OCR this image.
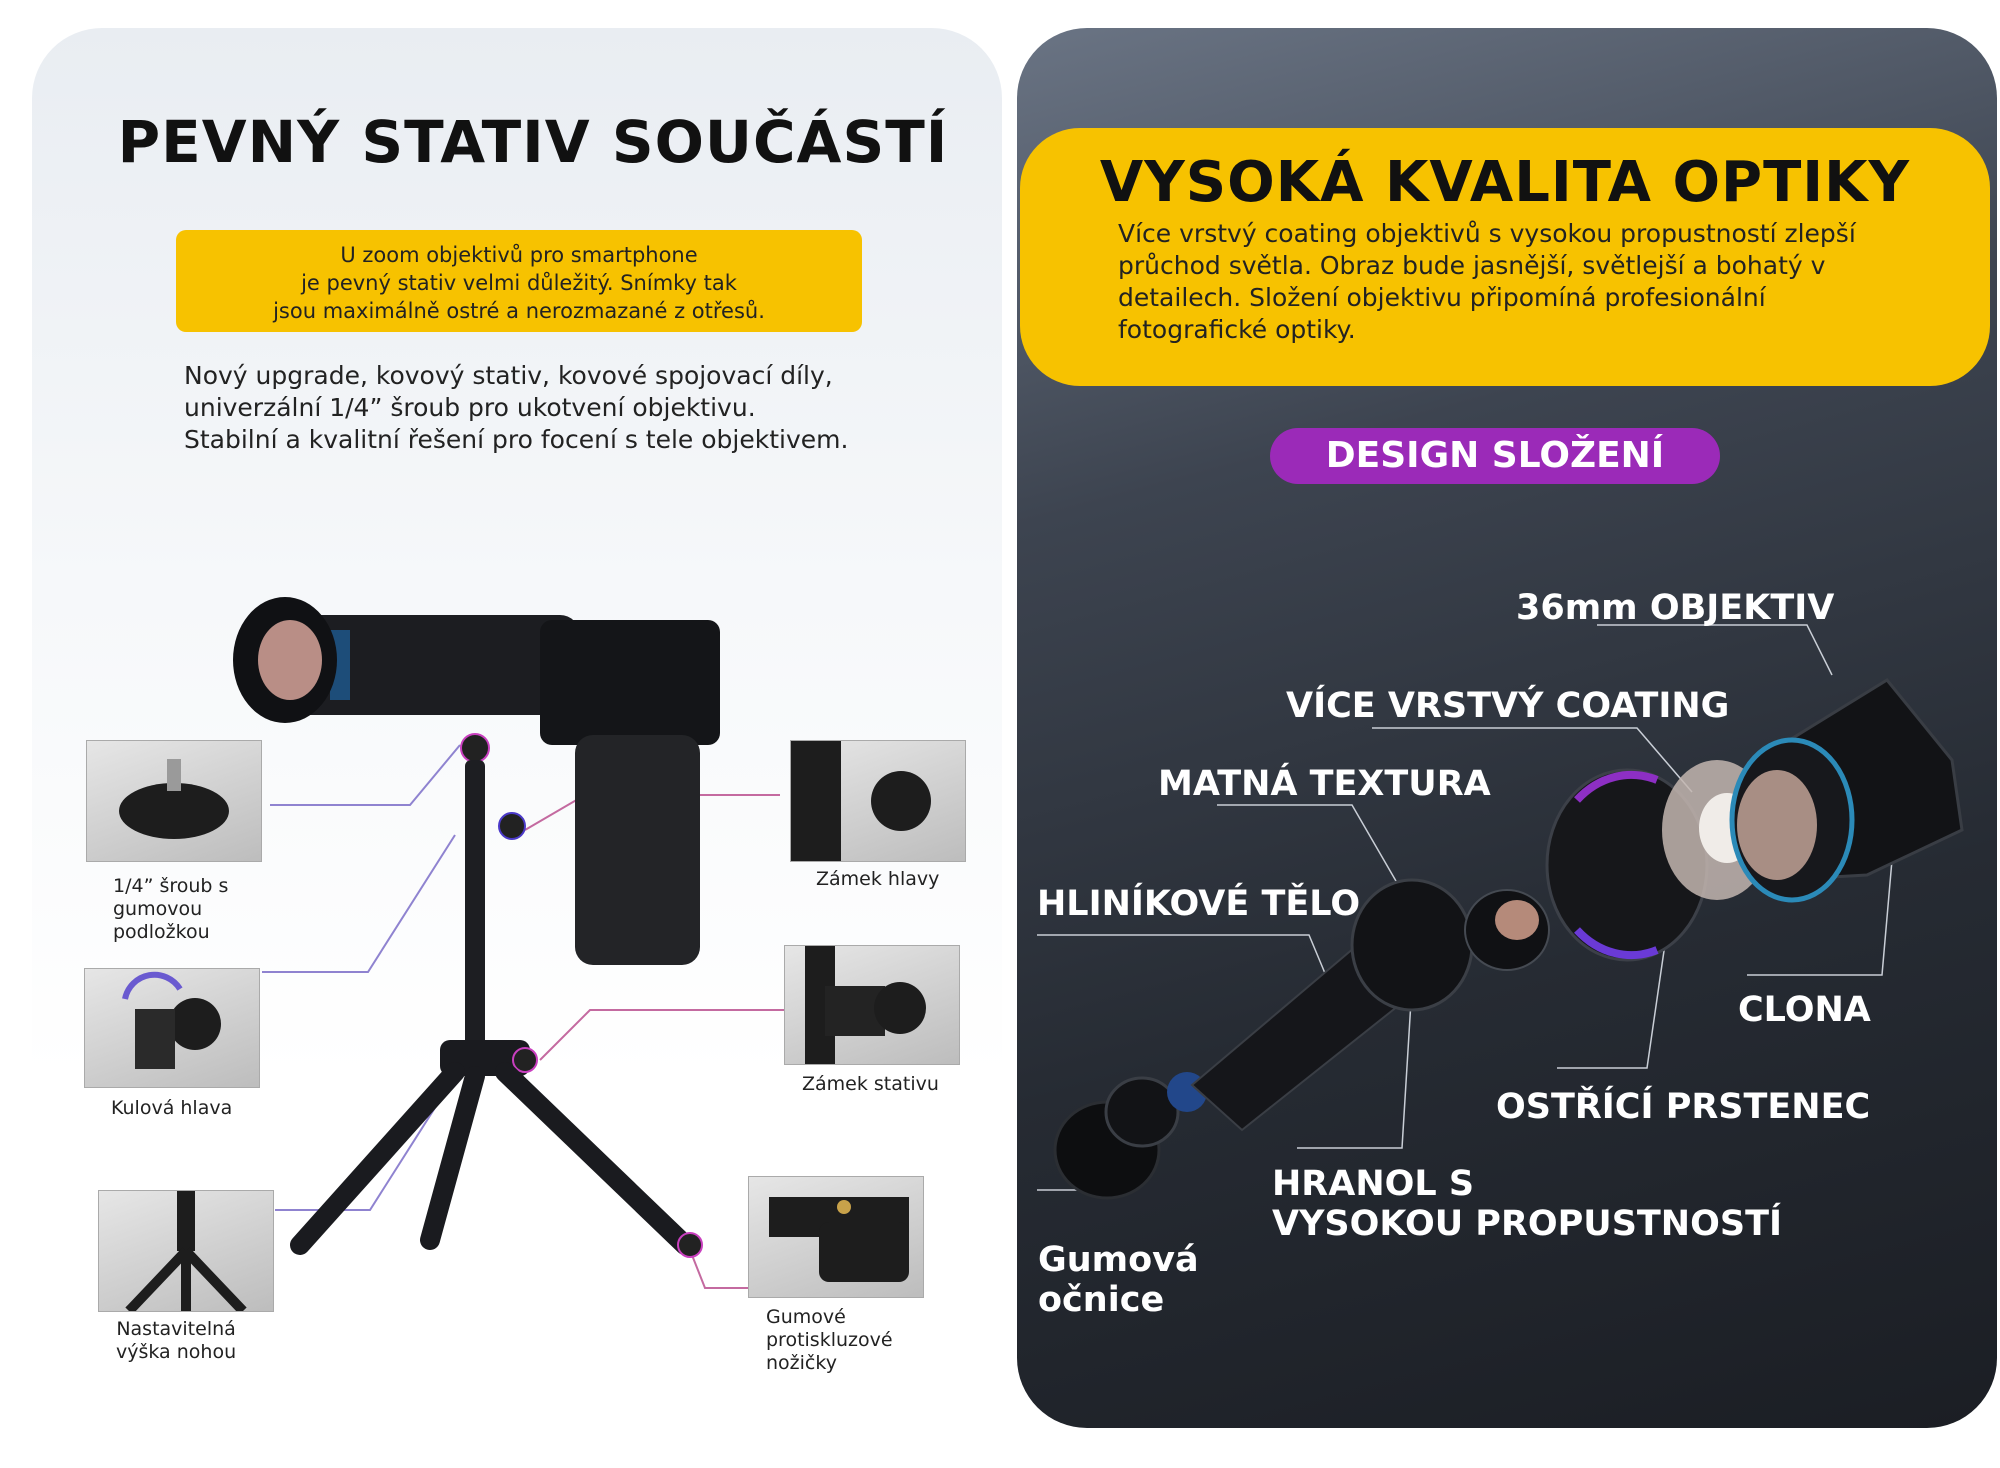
PEVNÝ STATIV SOUČÁSTÍ
U zoom objektivů pro smartphone
je pevný stativ velmi důležitý. Snímky tak
jsou maximálně ostré a nerozmazané z otřesů.
Nový upgrade, kovový stativ, kovové spojovací díly,
univerzální 1/4” šroub pro ukotvení objektivu.
Stabilní a kvalitní řešení pro focení s tele objektivem.
1/4” šroub s
gumovou
podložkou
Kulová hlava
Nastavitelná
výška nohou
Zámek hlavy
Zámek stativu
Gumové
protiskluzové
nožičky
VYSOKÁ KVALITA OPTIKY
Více vrstvý coating objektivů s vysokou propustností zlepší
průchod světla. Obraz bude jasnější, světlejší a bohatý v
detailech. Složení objektivu připomíná profesionální
fotografické optiky.
DESIGN SLOŽENÍ
36mm OBJEKTIV
VÍCE VRSTVÝ COATING
MATNÁ TEXTURA
HLINÍKOVÉ TĚLO
CLONA
OSTŘÍCÍ PRSTENEC
HRANOL S
VYSOKOU PROPUSTNOSTÍ
Gumová
očnice
